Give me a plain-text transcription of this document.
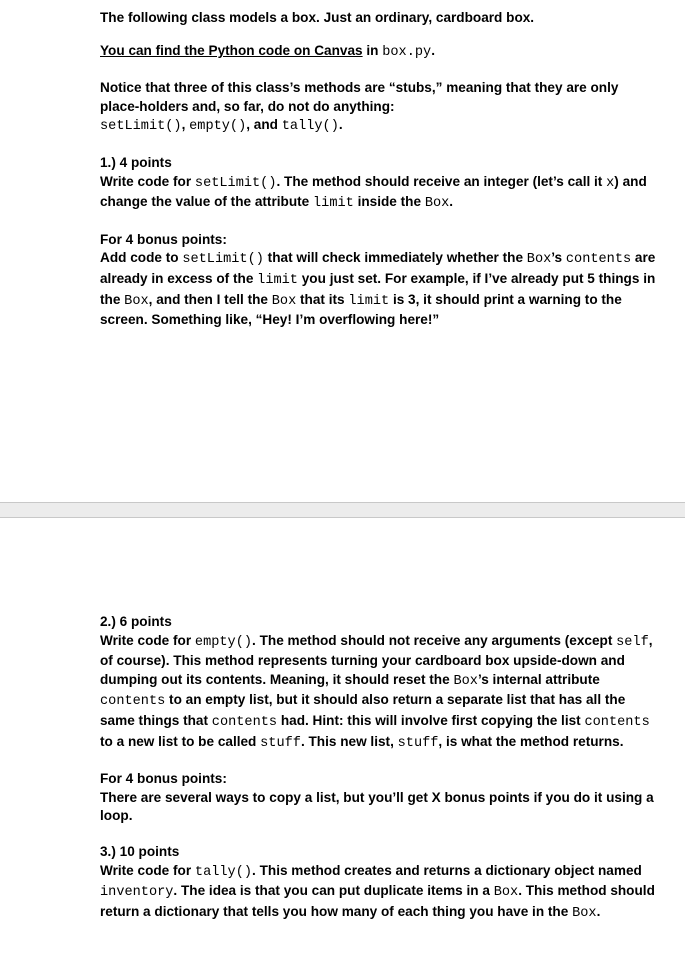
The following class models a box. Just an ordinary, cardboard box.

You can find the Python code on Canvas in box.py.

Notice that three of this class’s methods are “stubs,” meaning that they are only place-holders and, so far, do not do anything:
setLimit(), empty(), and tally().

1.) 4 points

Write code for setLimit(). The method should receive an integer (let’s call it x) and change the value of the attribute limit inside the Box.

For 4 bonus points:

Add code to setLimit() that will check immediately whether the Box’s contents are already in excess of the limit you just set. For example, if I’ve already put 5 things in the Box, and then I tell the Box that its limit is 3, it should print a warning to the screen. Something like, “Hey! I’m overflowing here!”

2.) 6 points

Write code for empty(). The method should not receive any arguments (except self, of course). This method represents turning your cardboard box upside-down and dumping out its contents. Meaning, it should reset the Box’s internal attribute contents to an empty list, but it should also return a separate list that has all the same things that contents had. Hint: this will involve first copying the list contents to a new list to be called stuff. This new list, stuff, is what the method returns.

For 4 bonus points:

There are several ways to copy a list, but you’ll get X bonus points if you do it using a loop.

3.) 10 points

Write code for tally(). This method creates and returns a dictionary object named inventory. The idea is that you can put duplicate items in a Box. This method should return a dictionary that tells you how many of each thing you have in the Box.
